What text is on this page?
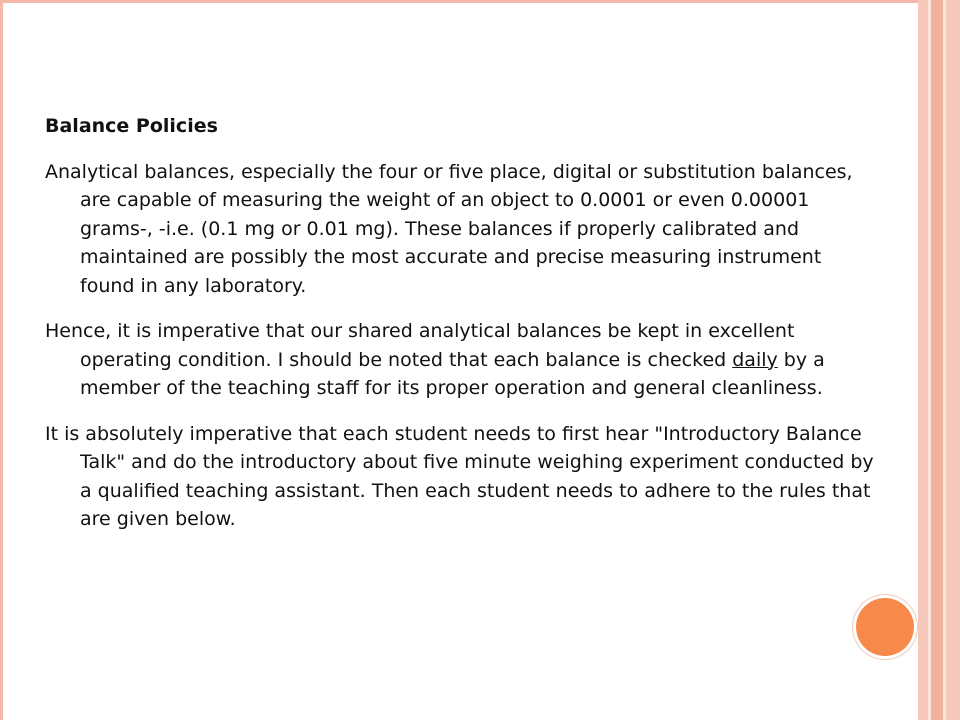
Balance Policies

Analytical balances, especially the four or five place, digital or substitution balances, are capable of measuring the weight of an object to 0.0001 or even 0.00001 grams-, -i.e. (0.1 mg or 0.01 mg). These balances if properly calibrated and maintained are possibly the most accurate and precise measuring instrument found in any laboratory.

Hence, it is imperative that our shared analytical balances be kept in excellent operating condition. I should be noted that each balance is checked daily by a member of the teaching staff for its proper operation and general cleanliness.

It is absolutely imperative that each student needs to first hear "Introductory Balance Talk" and do the introductory about five minute weighing experiment conducted by a qualified teaching assistant. Then each student needs to adhere to the rules that are given below.
